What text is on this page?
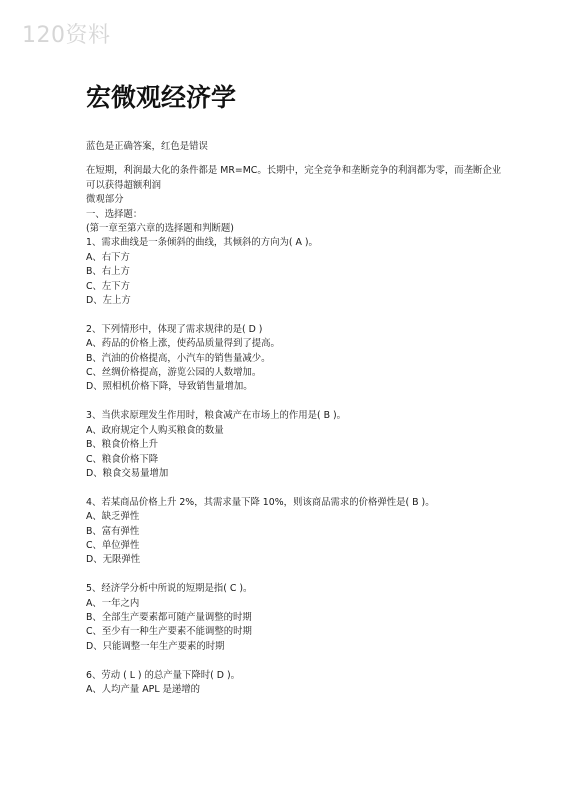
120资料
宏微观经济学
蓝色是正确答案，红色是错误
在短期，利润最大化的条件都是 MR=MC。长期中，完全竞争和垄断竞争的利润都为零，而垄断企业可以获得超额利润
微观部分
一、选择题：
(第一章至第六章的选择题和判断题)
1、需求曲线是一条倾斜的曲线，其倾斜的方向为( A )。
A、右下方
B、右上方
C、左下方
D、左上方
2、下列情形中，体现了需求规律的是( D )
A、药品的价格上涨，使药品质量得到了提高。
B、汽油的价格提高，小汽车的销售量减少。
C、丝绸价格提高，游览公园的人数增加。
D、照相机价格下降，导致销售量增加。
3、当供求原理发生作用时，粮食减产在市场上的作用是( B )。
A、政府规定个人购买粮食的数量
B、粮食价格上升
C、粮食价格下降
D、粮食交易量增加
4、若某商品价格上升 2%，其需求量下降 10%，则该商品需求的价格弹性是( B )。
A、缺乏弹性
B、富有弹性
C、单位弹性
D、无限弹性
5、经济学分析中所说的短期是指( C )。
A、一年之内
B、全部生产要素都可随产量调整的时期
C、至少有一种生产要素不能调整的时期
D、只能调整一年生产要素的时期
6、劳动 ( L ) 的总产量下降时( D )。
A、人均产量 APL 是递增的
